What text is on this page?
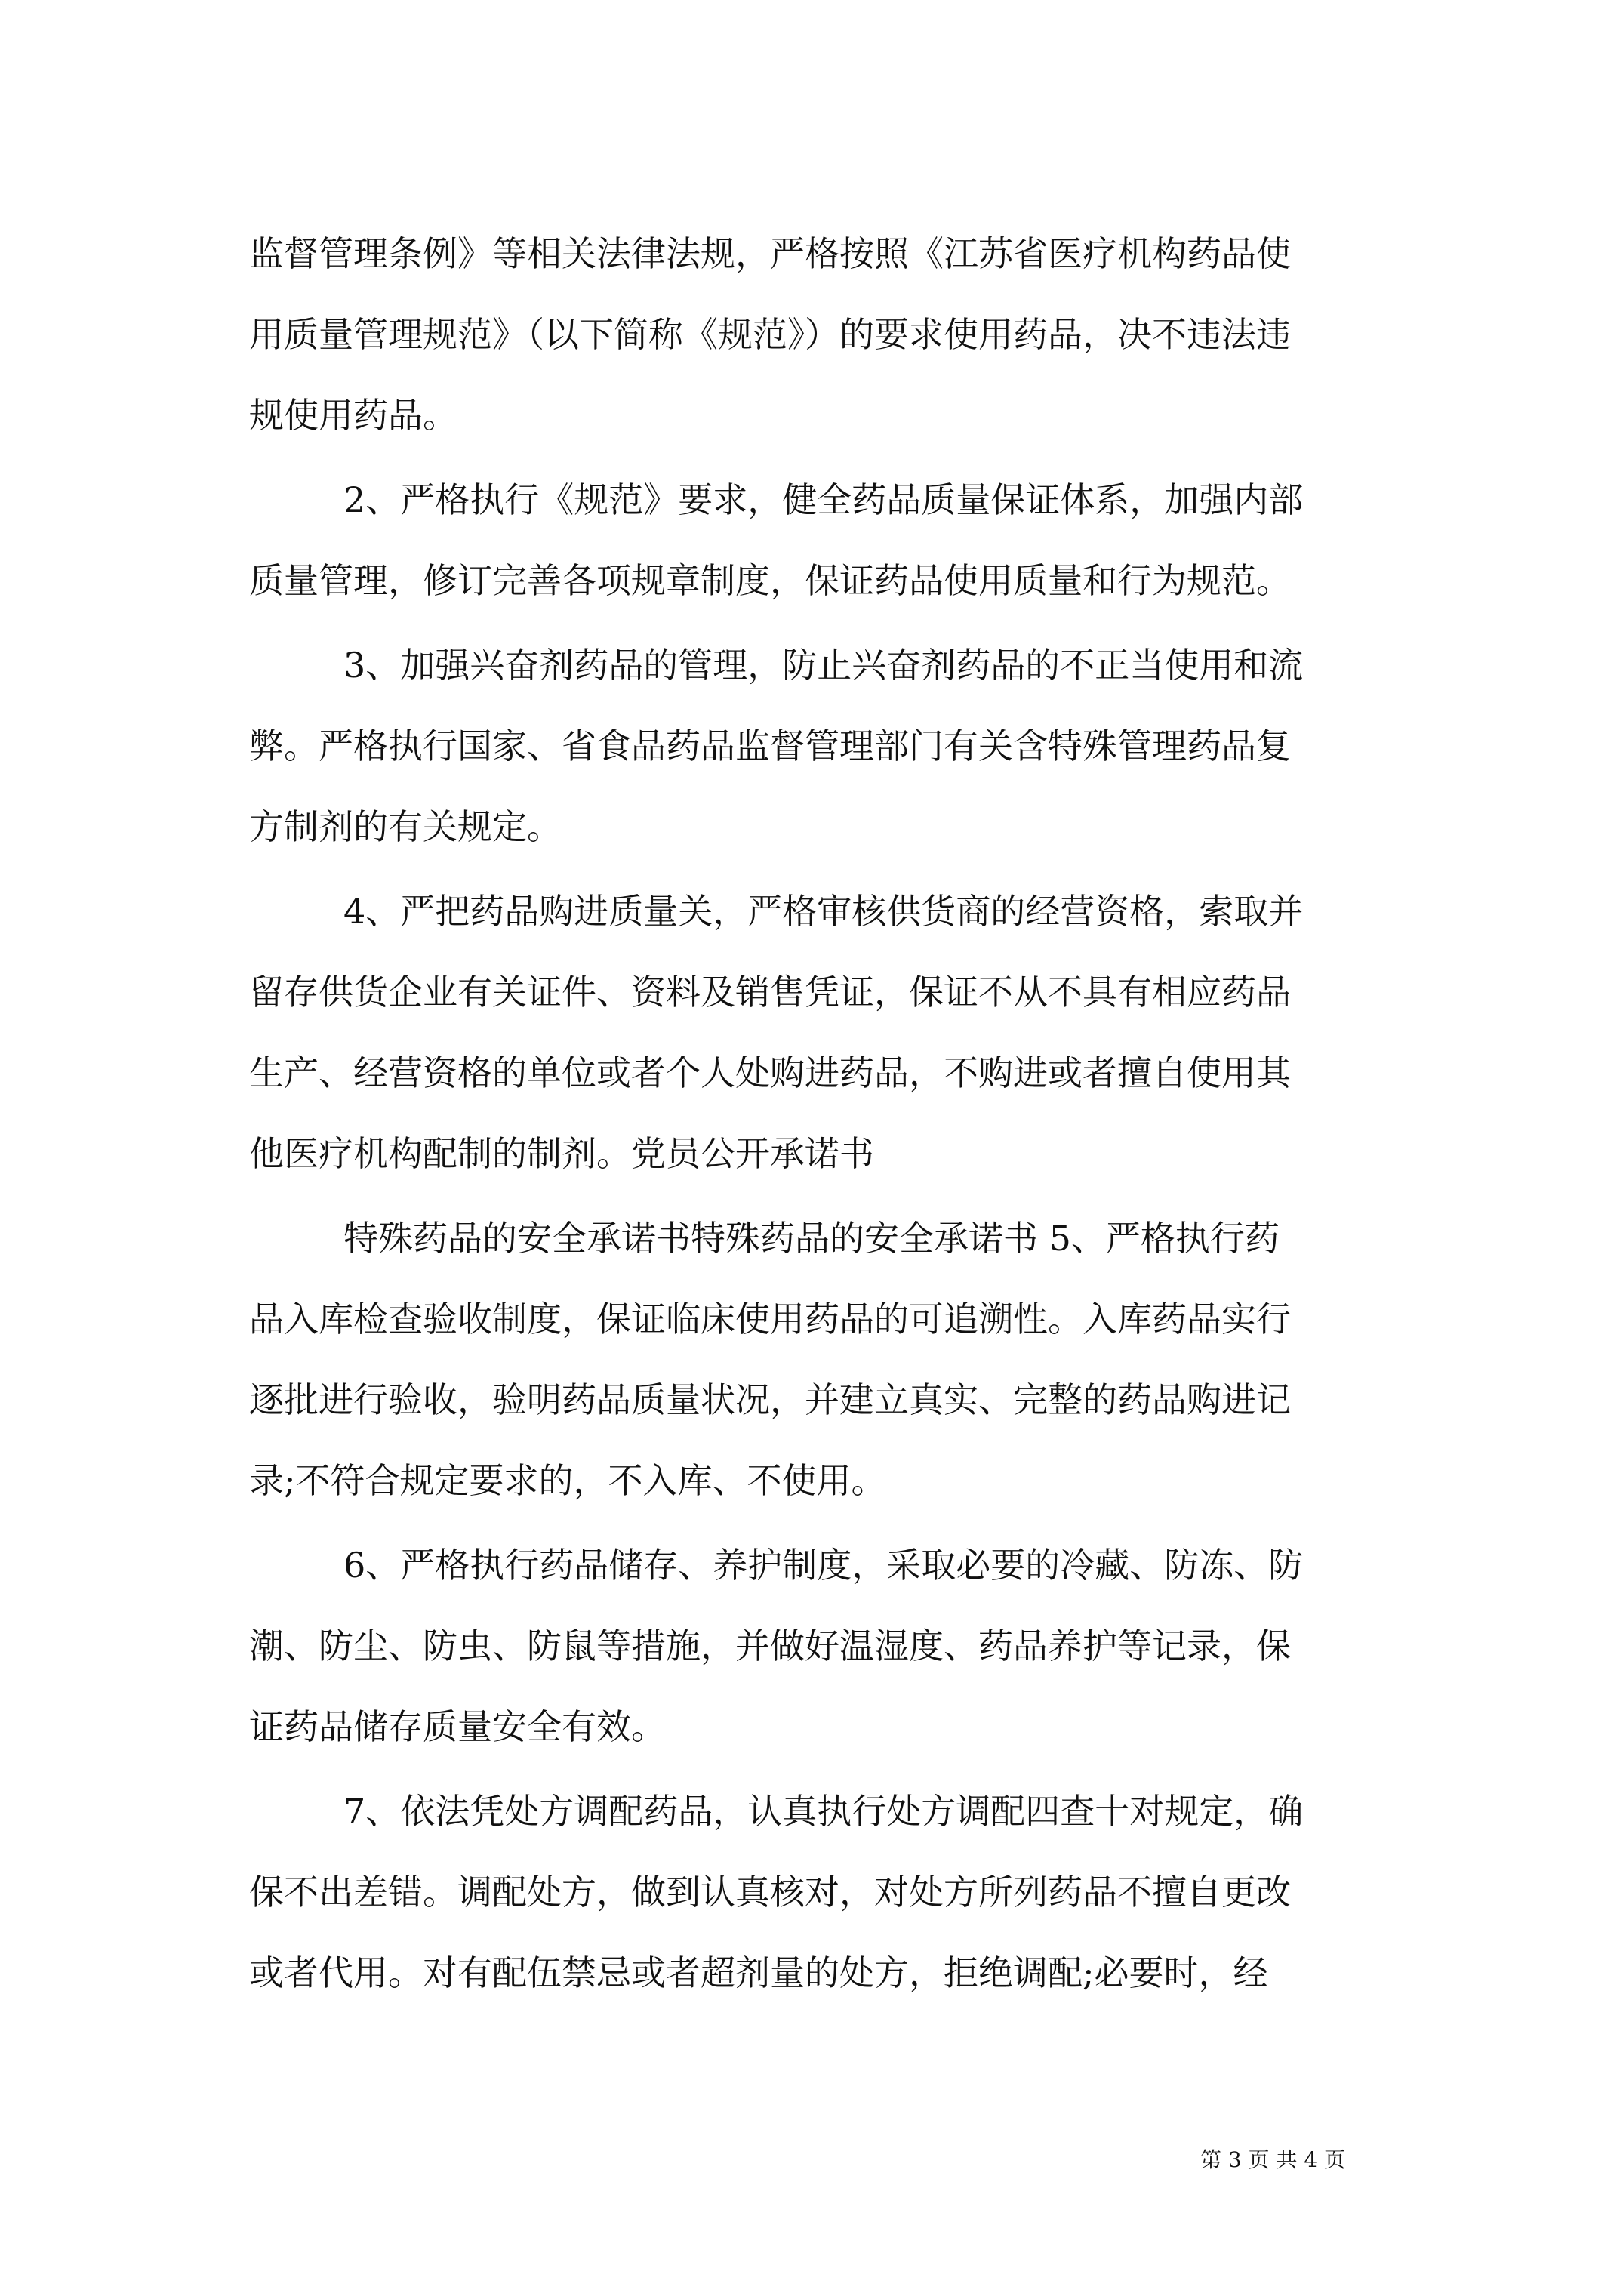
监督管理条例》等相关法律法规，严格按照《江苏省医疗机构药品使
用质量管理规范》（以下简称《规范》）的要求使用药品，决不违法违
规使用药品。
2、严格执行《规范》要求，健全药品质量保证体系，加强内部
质量管理，修订完善各项规章制度，保证药品使用质量和行为规范。
3、加强兴奋剂药品的管理，防止兴奋剂药品的不正当使用和流
弊。严格执行国家、省食品药品监督管理部门有关含特殊管理药品复
方制剂的有关规定。
4、严把药品购进质量关，严格审核供货商的经营资格，索取并
留存供货企业有关证件、资料及销售凭证，保证不从不具有相应药品
生产、经营资格的单位或者个人处购进药品，不购进或者擅自使用其
他医疗机构配制的制剂。党员公开承诺书
特殊药品的安全承诺书特殊药品的安全承诺书 5、严格执行药
品入库检查验收制度，保证临床使用药品的可追溯性。入库药品实行
逐批进行验收，验明药品质量状况，并建立真实、完整的药品购进记
录;不符合规定要求的，不入库、不使用。
6、严格执行药品储存、养护制度，采取必要的冷藏、防冻、防
潮、防尘、防虫、防鼠等措施，并做好温湿度、药品养护等记录，保
证药品储存质量安全有效。
7、依法凭处方调配药品，认真执行处方调配四查十对规定，确
保不出差错。调配处方，做到认真核对，对处方所列药品不擅自更改
或者代用。对有配伍禁忌或者超剂量的处方，拒绝调配;必要时，经
第 3 页 共 4 页
